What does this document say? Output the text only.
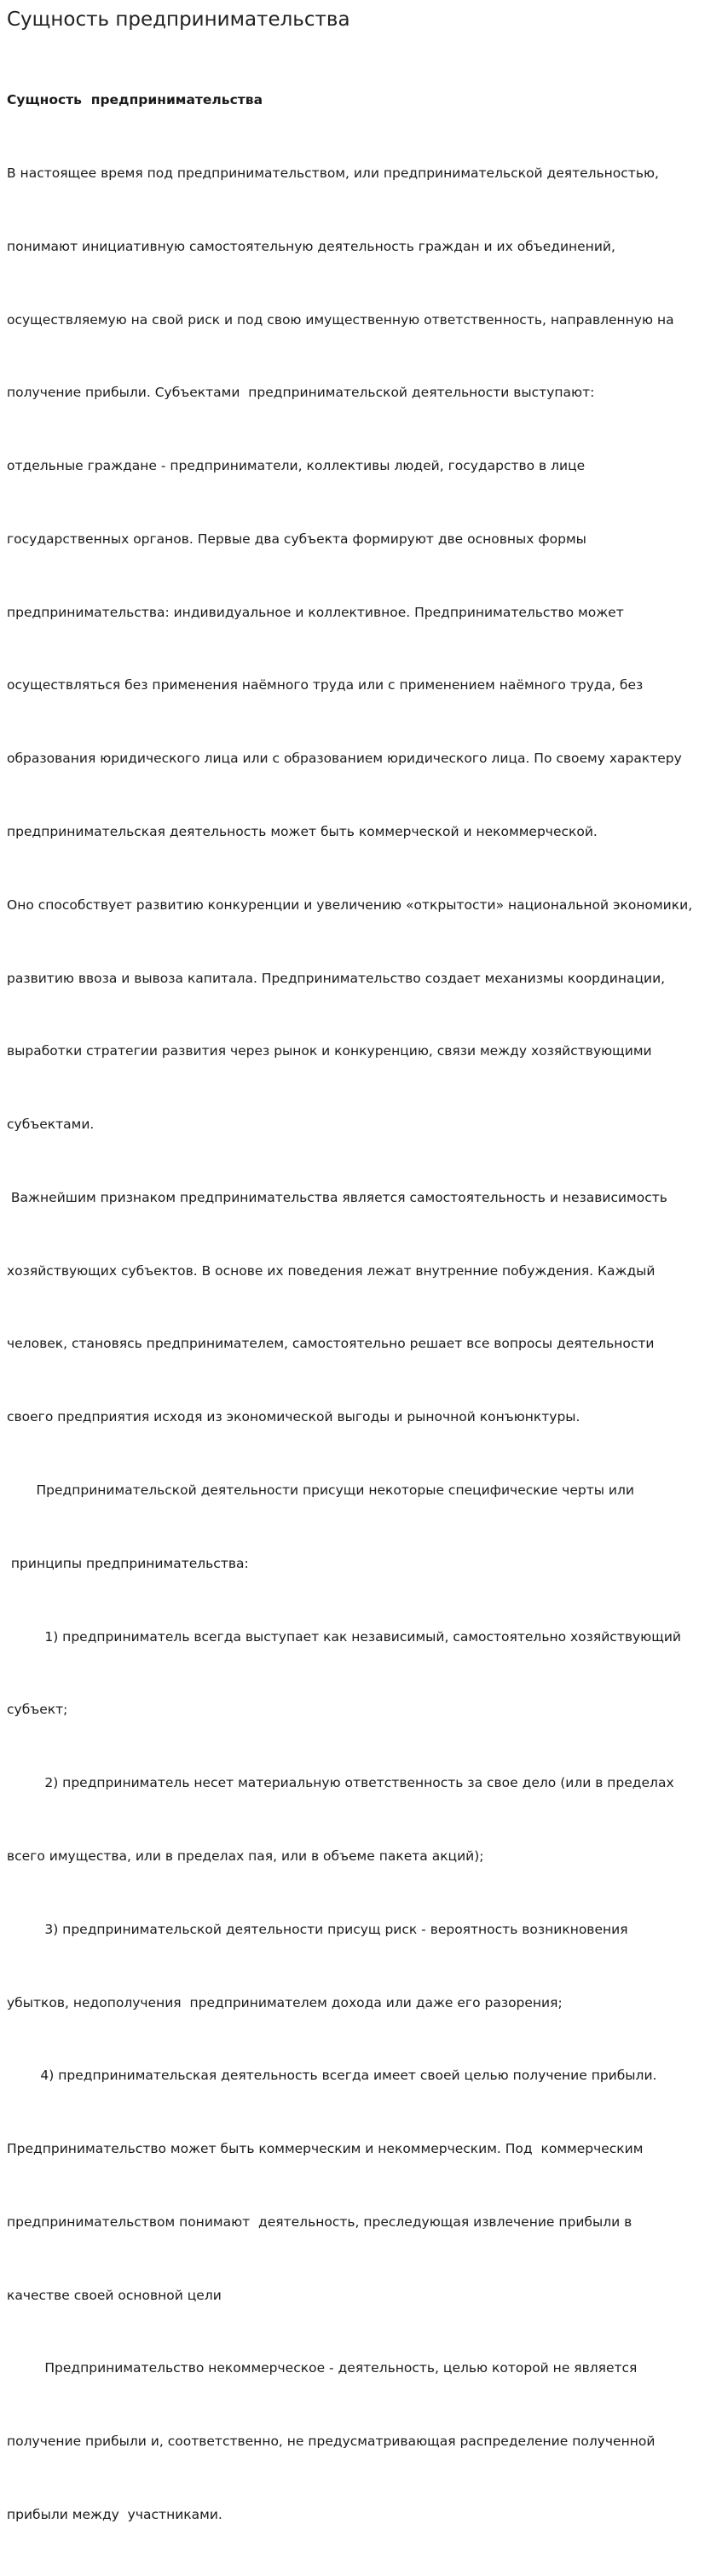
Сущность предпринимательства

Сущность  предпринимательства

В настоящее время под предпринимательством, или предпринимательской деятельностью,

понимают инициативную самостоятельную деятельность граждан и их объединений,

осуществляемую на свой риск и под свою имущественную ответственность, направленную на

получение прибыли. Субъектами  предпринимательской деятельности выступают:

отдельные граждане - предприниматели, коллективы людей, государство в лице

государственных органов. Первые два субъекта формируют две основных формы

предпринимательства: индивидуальное и коллективное. Предпринимательство может

осуществляться без применения наёмного труда или с применением наёмного труда, без

образования юридического лица или с образованием юридического лица. По своему характеру

предпринимательская деятельность может быть коммерческой и некоммерческой.

Оно способствует развитию конкуренции и увеличению «открытости» национальной экономики,

развитию ввоза и вывоза капитала. Предпринимательство создает механизмы координации,

выработки стратегии развития через рынок и конкуренцию, связи между хозяйствующими

субъектами.

Важнейшим признаком предпринимательства является самостоятельность и независимость

хозяйствующих субъектов. В основе их поведения лежат внутренние побуждения. Каждый

человек, становясь предпринимателем, самостоятельно решает все вопросы деятельности

своего предприятия исходя из экономической выгоды и рыночной конъюнктуры.

Предпринимательской деятельности присущи некоторые специфические черты или

принципы предпринимательства:

1) предприниматель всегда выступает как независимый, самостоятельно хозяйствующий

субъект;

2) предприниматель несет материальную ответственность за свое дело (или в пределах

всего имущества, или в пределах пая, или в объеме пакета акций);

3) предпринимательской деятельности присущ риск - вероятность возникновения

убытков, недополучения  предпринимателем дохода или даже его разорения;

4) предпринимательская деятельность всегда имеет своей целью получение прибыли.

Предпринимательство может быть коммерческим и некоммерческим. Под  коммерческим

предпринимательством понимают  деятельность, преследующая извлечение прибыли в

качестве своей основной цели

Предпринимательство некоммерческое - деятельность, целью которой не является

получение прибыли и, соответственно, не предусматривающая распределение полученной

прибыли между  участниками.
